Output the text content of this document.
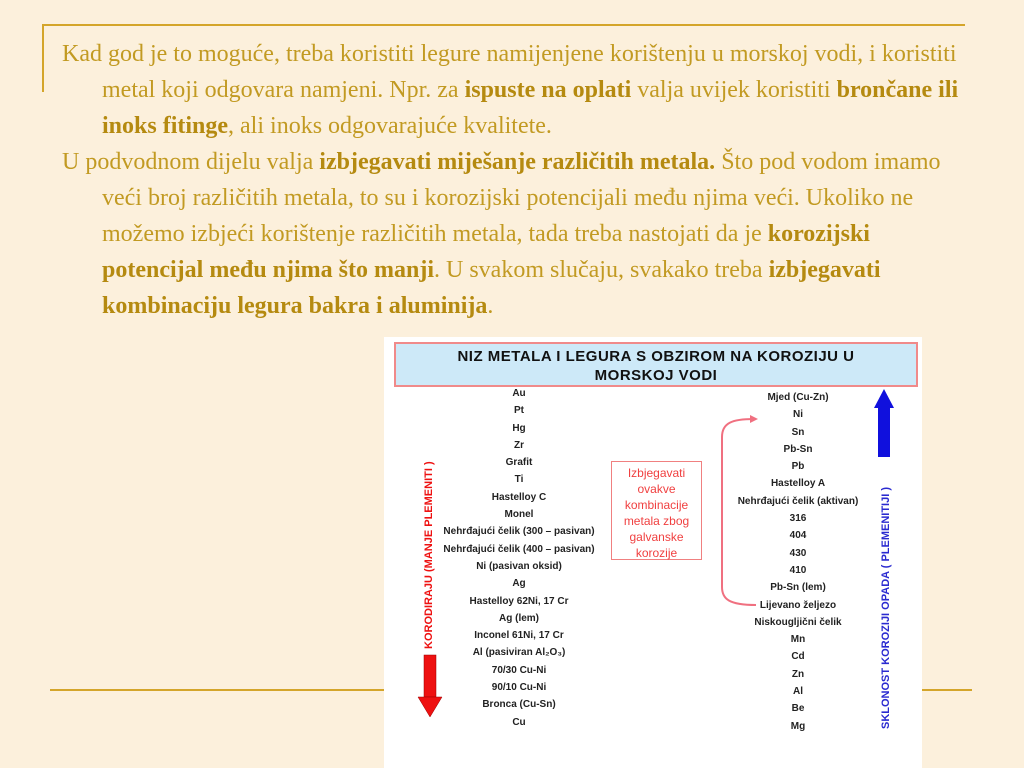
Kad god je to moguće, treba koristiti legure namijenjene korištenju u morskoj vodi, i koristiti metal koji odgovara namjeni. Npr. za ispuste na oplati valja uvijek koristiti brončane ili inoks fitinge, ali inoks odgovarajuće kvalitete.
U podvodnom dijelu valja izbjegavati miješanje različitih metala. Što pod vodom imamo veći broj različitih metala, to su i korozijski potencijali među njima veći. Ukoliko ne možemo izbjeći korištenje različitih metala, tada treba nastojati da je korozijski potencijal među njima što manji. U svakom slučaju, svakako treba izbjegavati kombinaciju legura bakra i aluminija.
NIZ METALA I LEGURA S OBZIROM NA KOROZIJU U
MORSKOJ VODI
Au
Pt
Hg
Zr
Grafit
Ti
Hastelloy C
Monel
Nehrđajući čelik (300 – pasivan)
Nehrđajući čelik (400 – pasivan)
Ni (pasivan oksid)
Ag
Hastelloy 62Ni, 17 Cr
Ag (lem)
Inconel 61Ni, 17 Cr
Al (pasiviran Al₂O₃)
70/30 Cu-Ni
90/10 Cu-Ni
Bronca (Cu-Sn)
Cu
Mjed (Cu-Zn)
Ni
Sn
Pb-Sn
Pb
Hastelloy A
Nehrđajući čelik (aktivan)
316
404
430
410
Pb-Sn (lem)
Lijevano željezo
Niskougljični čelik
Mn
Cd
Zn
Al
Be
Mg
KORODIRAJU (MANJE PLEMENITI )	SKLONOST KOROZIJI OPADA ( PLEMENITIJI )
Izbjegavati ovakve kombinacije metala zbog galvanske korozije
